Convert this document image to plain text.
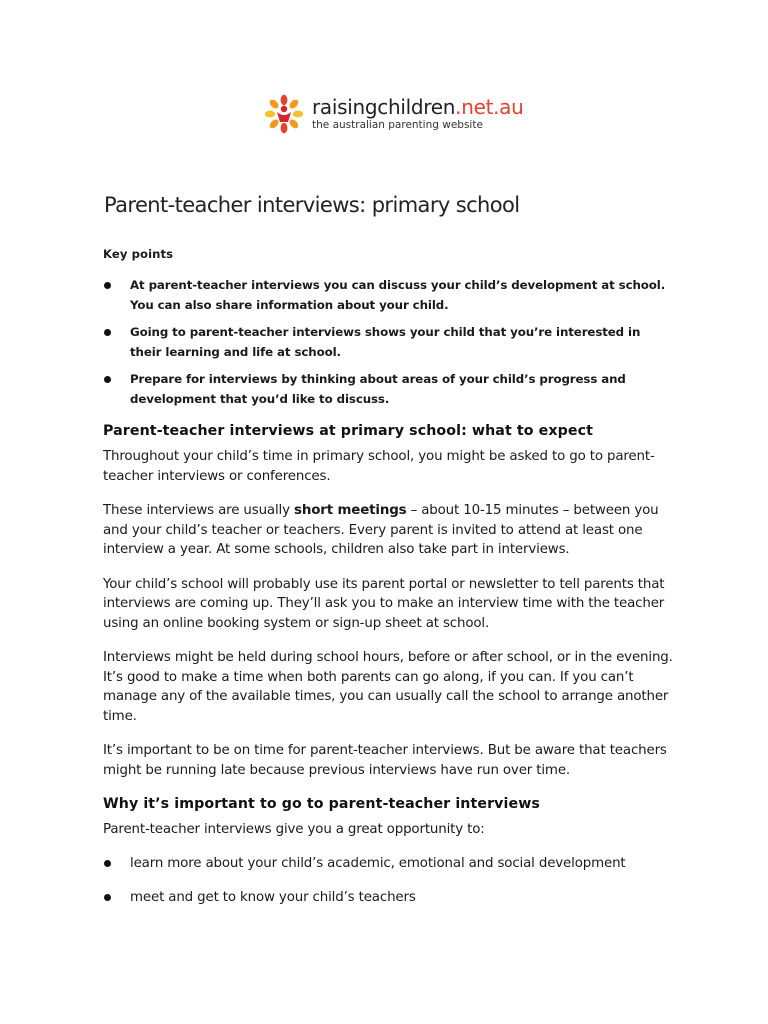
raisingchildren.net.au
the australian parenting website
Parent-teacher interviews: primary school
Key points
At parent-teacher interviews you can discuss your child’s development at school. You can also share information about your child.
Going to parent-teacher interviews shows your child that you’re interested in their learning and life at school.
Prepare for interviews by thinking about areas of your child’s progress and development that you’d like to discuss.
Parent-teacher interviews at primary school: what to expect

Throughout your child’s time in primary school, you might be asked to go to parent-teacher interviews or conferences.

These interviews are usually short meetings – about 10-15 minutes – between you and your child’s teacher or teachers. Every parent is invited to attend at least one interview a year. At some schools, children also take part in interviews.

Your child’s school will probably use its parent portal or newsletter to tell parents that interviews are coming up. They’ll ask you to make an interview time with the teacher using an online booking system or sign-up sheet at school.

Interviews might be held during school hours, before or after school, or in the evening. It’s good to make a time when both parents can go along, if you can. If you can’t manage any of the available times, you can usually call the school to arrange another time.

It’s important to be on time for parent-teacher interviews. But be aware that teachers might be running late because previous interviews have run over time.

Why it’s important to go to parent-teacher interviews

Parent-teacher interviews give you a great opportunity to:

learn more about your child’s academic, emotional and social development
meet and get to know your child’s teachers
